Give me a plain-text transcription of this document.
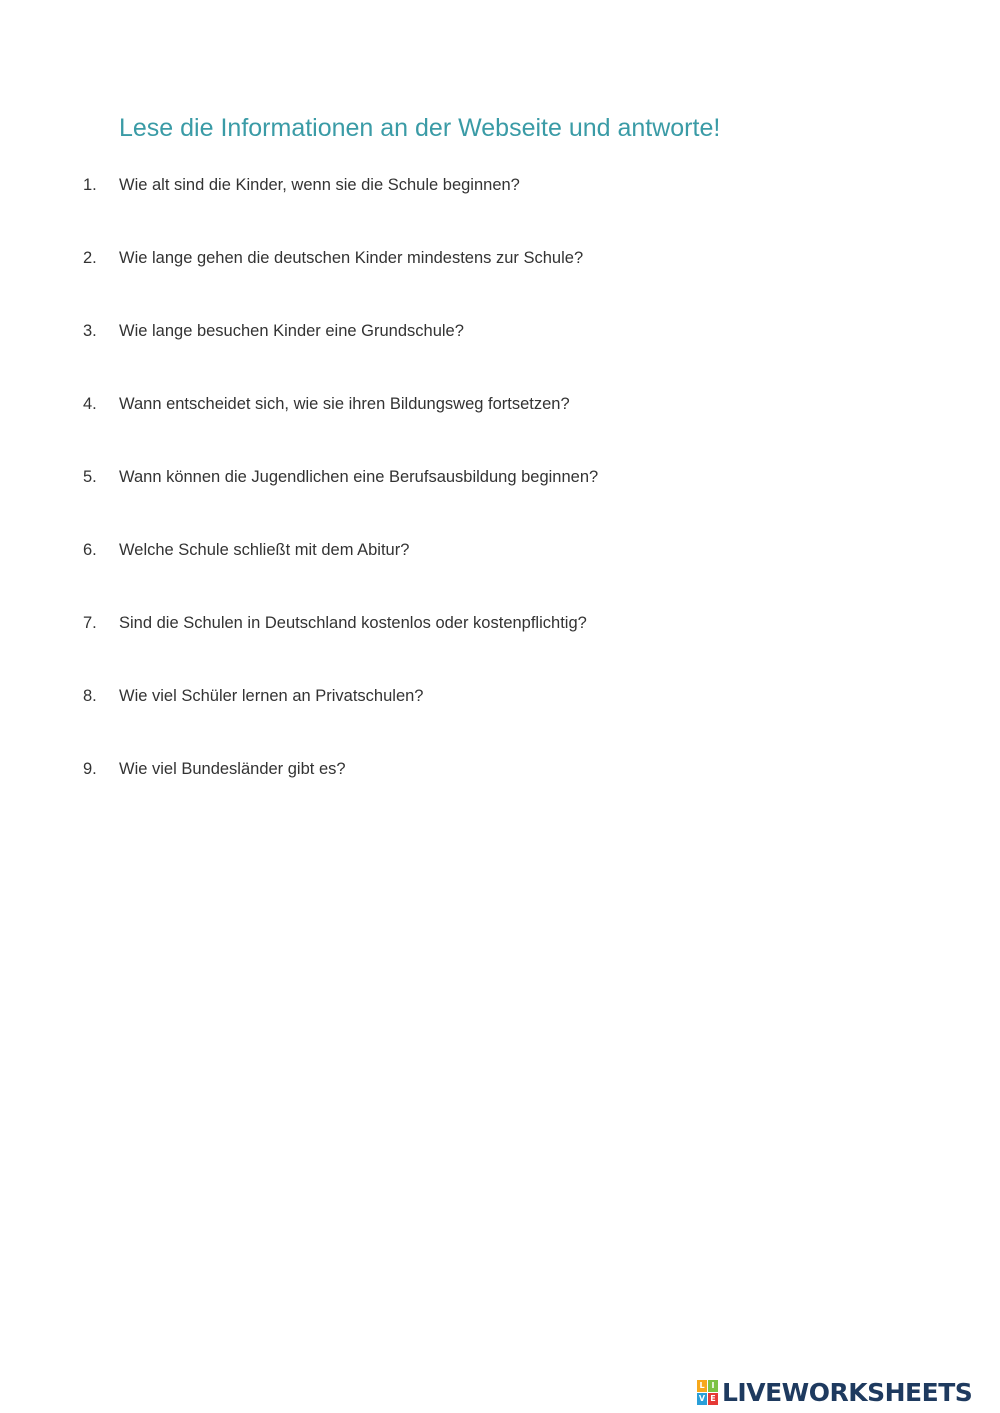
Lese die Informationen an der Webseite und antworte!
1. Wie alt sind die Kinder, wenn sie die Schule beginnen?
2. Wie lange gehen die deutschen Kinder mindestens zur Schule?
3. Wie lange besuchen Kinder eine Grundschule?
4. Wann entscheidet sich, wie sie ihren Bildungsweg fortsetzen?
5. Wann können die Jugendlichen eine Berufsausbildung beginnen?
6. Welche Schule schließt mit dem Abitur?
7. Sind die Schulen in Deutschland kostenlos oder kostenpflichtig?
8. Wie viel Schüler lernen an Privatschulen?
9. Wie viel Bundesländer gibt es?
L I
V E LIVEWORKSHEETS
